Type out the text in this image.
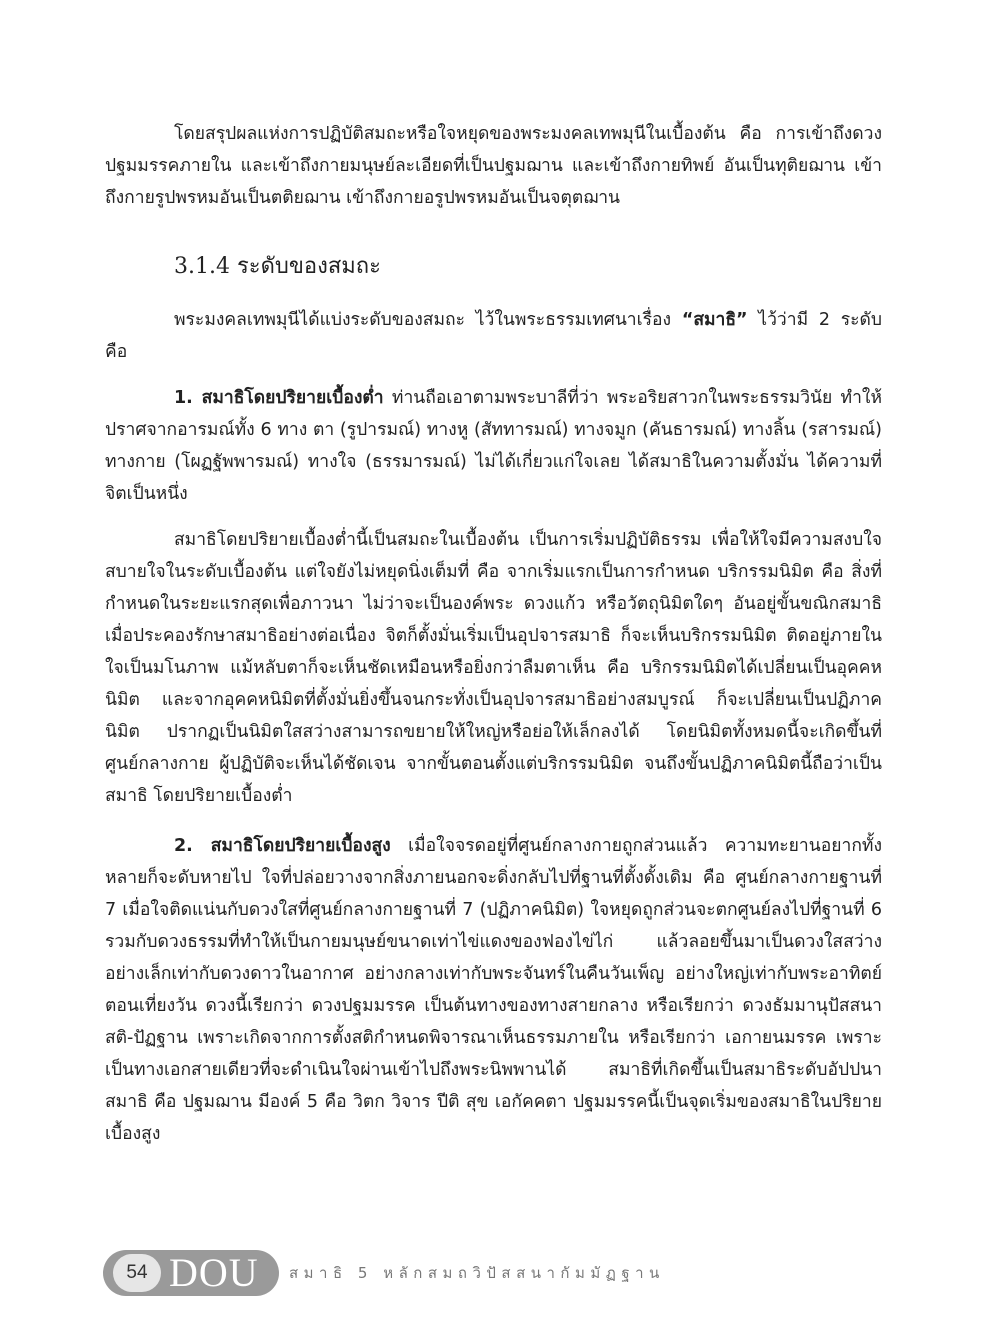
โดยสรุปผลแห่งการปฏิบัติสมถะหรือใจหยุดของพระมงคลเทพมุนีในเบื้องต้น คือ การเข้าถึงดวงปฐมมรรคภายใน และเข้าถึงกายมนุษย์ละเอียดที่เป็นปฐมฌาน และเข้าถึงกายทิพย์ อันเป็นทุติยฌาน เข้าถึงกายรูปพรหมอันเป็นตติยฌาน เข้าถึงกายอรูปพรหมอันเป็นจตุตฌาน

3.1.4 ระดับของสมถะ

พระมงคลเทพมุนีได้แบ่งระดับของสมถะ ไว้ในพระธรรมเทศนาเรื่อง “สมาธิ” ไว้ว่ามี 2 ระดับ คือ

1. สมาธิโดยปริยายเบื้องต่ำ ท่านถือเอาตามพระบาลีที่ว่า พระอริยสาวกในพระธรรมวินัย ทำให้ปราศจากอารมณ์ทั้ง 6 ทาง ตา (รูปารมณ์) ทางหู (สัททารมณ์) ทางจมูก (คันธารมณ์) ทางลิ้น (รสารมณ์) ทางกาย (โผฏฐัพพารมณ์) ทางใจ (ธรรมารมณ์) ไม่ได้เกี่ยวแก่ใจเลย ได้สมาธิในความตั้งมั่น ได้ความที่จิตเป็นหนึ่ง

สมาธิโดยปริยายเบื้องต่ำนี้เป็นสมถะในเบื้องต้น เป็นการเริ่มปฏิบัติธรรม เพื่อให้ใจมีความสงบใจ สบายใจในระดับเบื้องต้น แต่ใจยังไม่หยุดนิ่งเต็มที่ คือ จากเริ่มแรกเป็นการกำหนด บริกรรมนิมิต คือ สิ่งที่กำหนดในระยะแรกสุดเพื่อภาวนา ไม่ว่าจะเป็นองค์พระ ดวงแก้ว หรือวัตถุนิมิตใดๆ อันอยู่ขั้นขณิกสมาธิ เมื่อประคองรักษาสมาธิอย่างต่อเนื่อง จิตก็ตั้งมั่นเริ่มเป็นอุปจารสมาธิ ก็จะเห็นบริกรรมนิมิต ติดอยู่ภายในใจเป็นมโนภาพ แม้หลับตาก็จะเห็นชัดเหมือนหรือยิ่งกว่าลืมตาเห็น คือ บริกรรมนิมิตได้เปลี่ยนเป็นอุคคหนิมิต และจากอุคคหนิมิตที่ตั้งมั่นยิ่งขึ้นจนกระทั่งเป็นอุปจารสมาธิอย่างสมบูรณ์ ก็จะเปลี่ยนเป็นปฏิภาคนิมิต ปรากฏเป็นนิมิตใสสว่างสามารถขยายให้ใหญ่หรือย่อให้เล็กลงได้ โดยนิมิตทั้งหมดนี้จะเกิดขึ้นที่ศูนย์กลางกาย ผู้ปฏิบัติจะเห็นได้ชัดเจน จากขั้นตอนตั้งแต่บริกรรมนิมิต จนถึงขั้นปฏิภาคนิมิตนี้ถือว่าเป็นสมาธิ โดยปริยายเบื้องต่ำ

2. สมาธิโดยปริยายเบื้องสูง เมื่อใจจรดอยู่ที่ศูนย์กลางกายถูกส่วนแล้ว ความทะยานอยากทั้งหลายก็จะดับหายไป ใจที่ปล่อยวางจากสิ่งภายนอกจะดิ่งกลับไปที่ฐานที่ตั้งดั้งเดิม คือ ศูนย์กลางกายฐานที่ 7 เมื่อใจติดแน่นกับดวงใสที่ศูนย์กลางกายฐานที่ 7 (ปฏิภาคนิมิต) ใจหยุดถูกส่วนจะตกศูนย์ลงไปที่ฐานที่ 6 รวมกับดวงธรรมที่ทำให้เป็นกายมนุษย์ขนาดเท่าไข่แดงของฟองไข่ไก่ แล้วลอยขึ้นมาเป็นดวงใสสว่างอย่างเล็กเท่ากับดวงดาวในอากาศ อย่างกลางเท่ากับพระจันทร์ในคืนวันเพ็ญ อย่างใหญ่เท่ากับพระอาทิตย์ตอนเที่ยงวัน ดวงนี้เรียกว่า ดวงปฐมมรรค เป็นต้นทางของทางสายกลาง หรือเรียกว่า ดวงธัมมานุปัสสนาสติ-ปัฏฐาน เพราะเกิดจากการตั้งสติกำหนดพิจารณาเห็นธรรมภายใน หรือเรียกว่า เอกายนมรรค เพราะเป็นทางเอกสายเดียวที่จะดำเนินใจผ่านเข้าไปถึงพระนิพพานได้ สมาธิที่เกิดขึ้นเป็นสมาธิระดับอัปปนาสมาธิ คือ ปฐมฌาน มีองค์ 5 คือ วิตก วิจาร ปีติ สุข เอกัคคตา ปฐมมรรคนี้เป็นจุดเริ่มของสมาธิในปริยายเบื้องสูง

54 DOU สมาธิ 5 หลักสมถวิปัสสนากัมมัฏฐาน
